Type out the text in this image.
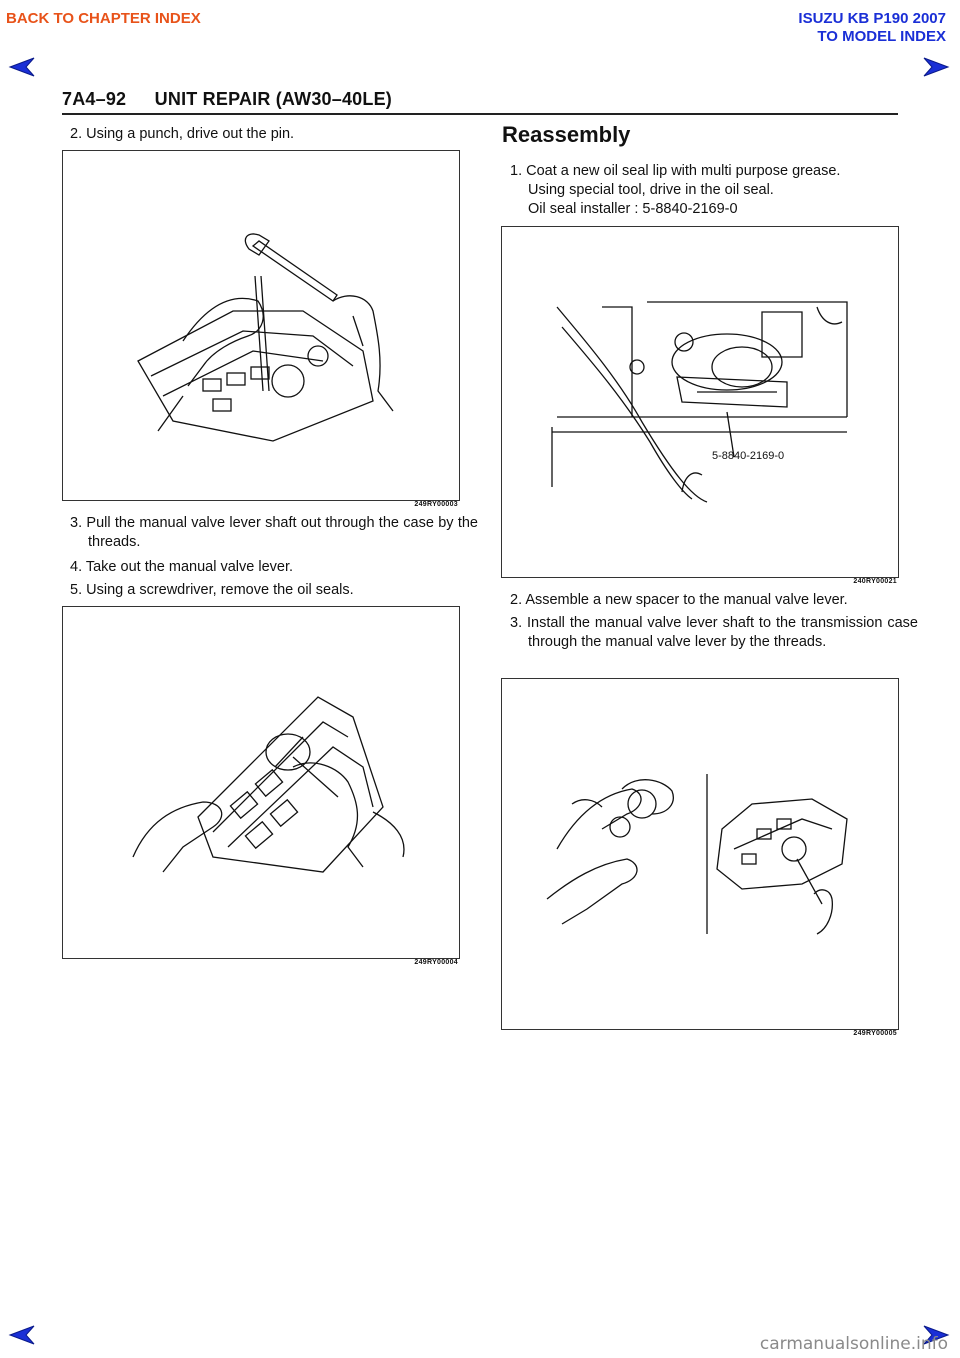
BACK TO CHAPTER INDEX	ISUZU KB P190 2007
TO MODEL INDEX
7A4–92 UNIT REPAIR (AW30–40LE)
2. Using a punch, drive out the pin.
249RY00003
3. Pull the manual valve lever shaft out through the case by the threads.
4. Take out the manual valve lever.
5. Using a screwdriver, remove the oil seals.
249RY00004
Reassembly
1. Coat a new oil seal lip with multi purpose grease.
Using special tool, drive in the oil seal.
Oil seal installer : 5-8840-2169-0
5-8840-2169-0
240RY00021
2. Assemble a new spacer to the manual valve lever.
3. Install the manual valve lever shaft to the transmission case through the manual valve lever by the threads.
249RY00005
carmanualsonline.info
